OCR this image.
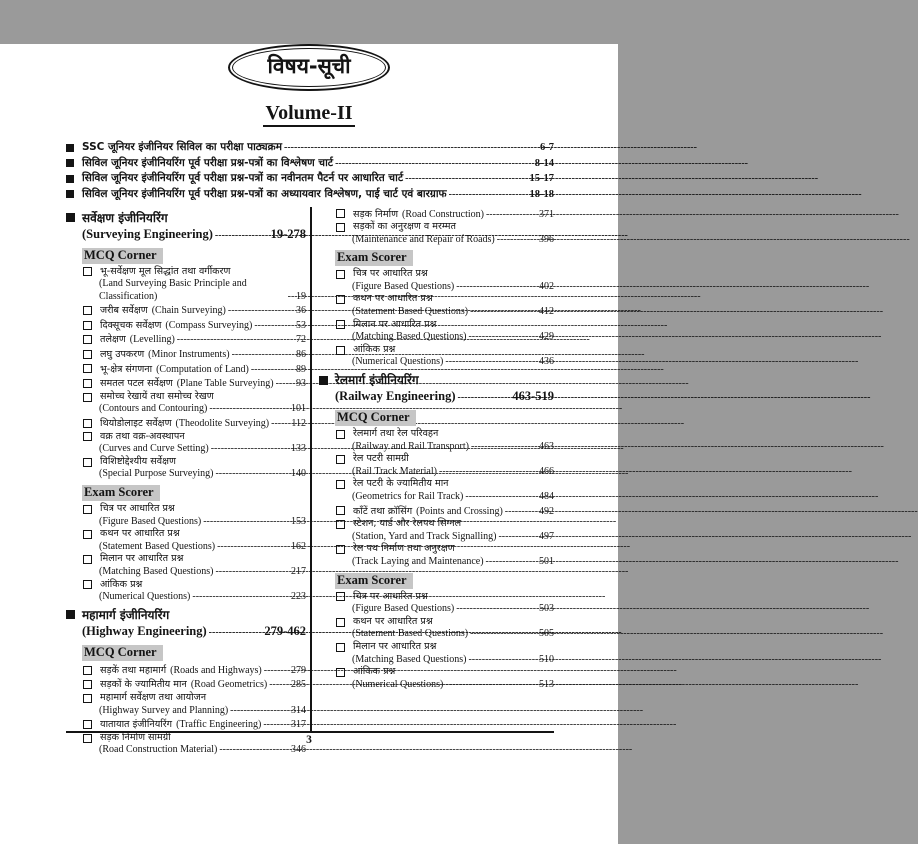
विषय-सूची
Volume-II
SSC जूनियर इंजीनियर सिविल का परीक्षा पाठ्यक्रम -----	6-7
सिविल जूनियर इंजीनियरिंग पूर्व परीक्षा प्रश्न-पत्रों का विश्लेषण चार्ट -----	8-14
सिविल जूनियर इंजीनियरिंग पूर्व परीक्षा प्रश्न-पत्रों का नवीनतम पैटर्न पर आधारित चार्ट -----	15-17
सिविल जूनियर इंजीनियरिंग पूर्व परीक्षा प्रश्न-पत्रों का अध्यायवार विश्लेषण, पाई चार्ट एवं बारग्राफ -----	18-18
सर्वेक्षण इंजीनियरिंग
(Surveying Engineering) -----	19-278
MCQ Corner
भू-सर्वेक्षण मूल सिद्धांत तथा वर्गीकरण
(Land Surveying Basic Principle and Classification) -----	19
जरीब सर्वेक्षण (Chain Surveying) -----	36
दिक्सूचक सर्वेक्षण (Compass Surveying) -----	53
तलेक्षण (Levelling) -----	72
लघु उपकरण (Minor Instruments) -----	86
भू-क्षेत्र संगणना (Computation of Land) -----	89
समतल पटल सर्वेक्षण (Plane Table Surveying) ----- 93
समोच्च रेखायें तथा समोच्च रेखण
(Contours and Contouring) -----	101
थियोडोलाइट सर्वेक्षण (Theodolite Surveying) ----- 112
वक्र तथा वक्र-अवस्थापन
(Curves and Curve Setting) -----	133
विशिष्टोद्देश्यीय सर्वेक्षण
(Special Purpose Surveying) -----	140
Exam Scorer
चित्र पर आधारित प्रश्न
(Figure Based Questions) -----	153
कथन पर आधारित प्रश्न
(Statement Based Questions) -----	162
मिलान पर आधारित प्रश्न
(Matching Based Questions) -----	217
आंकिक प्रश्न
(Numerical Questions) -----	223
महामार्ग इंजीनियरिंग
(Highway Engineering) -----	279-462
MCQ Corner
सड़कें तथा महामार्ग (Roads and Highways) -----	279
सड़कों के ज्यामितीय मान (Road Geometrics) ----- 285
महामार्ग सर्वेक्षण तथा आयोजन
(Highway Survey and Planning) -----	314
यातायात इंजीनियरिंग (Traffic Engineering) -----	317
सड़क निर्माण सामग्री
(Road Construction Material) -----	346
सड़क निर्माण (Road Construction) -----	371
सड़कों का अनुरक्षण व मरम्मत
(Maintenance and Repair of Roads) -----	396
Exam Scorer
चित्र पर आधारित प्रश्न
(Figure Based Questions) -----	402
कथन पर आधारित प्रश्न
(Statement Based Questions) -----	412
मिलान पर आधारित प्रश्न
(Matching Based Questions) -----	429
आंकिक प्रश्न
(Numerical Questions) -----	436
रेलमार्ग इंजीनियरिंग
(Railway Engineering) -----	463-519
MCQ Corner
रेलमार्ग तथा रेल परिवहन
(Railway and Rail Transport) -----	463
रेल पटरी सामग्री
(Rail Track Material) -----	466
रेल पटरी के ज्यामितीय मान
(Geometrics for Rail Track) -----	484
काँटें तथा क्रॉसिंग (Points and Crossing) -----	492
स्टेशन, यार्ड और रेलपथ सिग्नल
(Station, Yard and Track Signalling) -----	497
रेल पथ निर्माण तथा अनुरक्षण
(Track Laying and Maintenance) -----	501
Exam Scorer
चित्र पर आधारित प्रश्न
(Figure Based Questions) -----	503
कथन पर आधारित प्रश्न
(Statement Based Questions) -----	505
मिलान पर आधारित प्रश्न
(Matching Based Questions) -----	510
आंकिक प्रश्न
(Numerical Questions) -----	513
3
